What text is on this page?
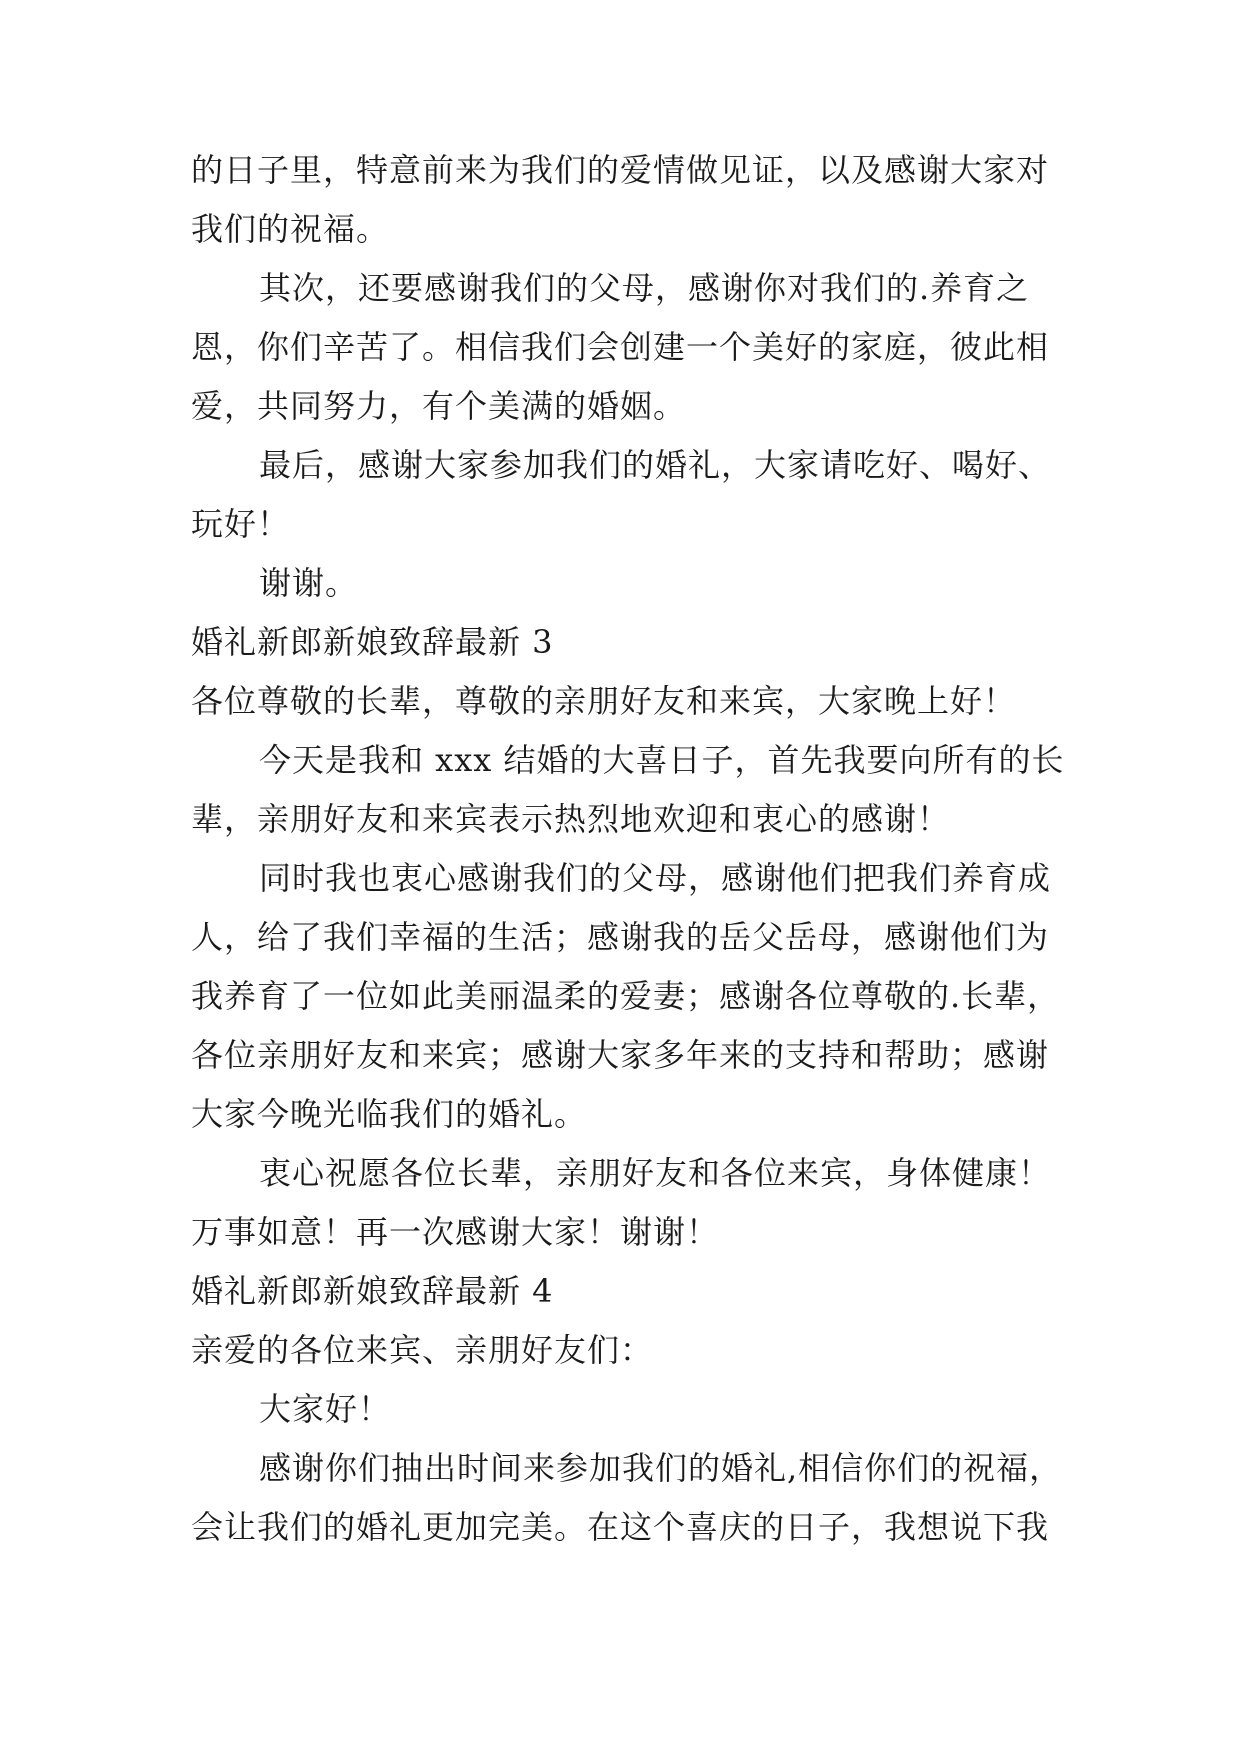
的日子里，特意前来为我们的爱情做见证，以及感谢大家对
我们的祝福。
其次，还要感谢我们的父母，感谢你对我们的.养育之
恩，你们辛苦了。相信我们会创建一个美好的家庭，彼此相
爱，共同努力，有个美满的婚姻。
最后，感谢大家参加我们的婚礼，大家请吃好、喝好、
玩好！
谢谢。
婚礼新郎新娘致辞最新 3
各位尊敬的长辈，尊敬的亲朋好友和来宾，大家晚上好！
今天是我和 xxx 结婚的大喜日子，首先我要向所有的长
辈，亲朋好友和来宾表示热烈地欢迎和衷心的感谢！
同时我也衷心感谢我们的父母，感谢他们把我们养育成
人，给了我们幸福的生活；感谢我的岳父岳母，感谢他们为
我养育了一位如此美丽温柔的爱妻；感谢各位尊敬的.长辈，
各位亲朋好友和来宾；感谢大家多年来的支持和帮助；感谢
大家今晚光临我们的婚礼。
衷心祝愿各位长辈，亲朋好友和各位来宾，身体健康！
万事如意！再一次感谢大家！谢谢！
婚礼新郎新娘致辞最新 4
亲爱的各位来宾、亲朋好友们：
大家好！
感谢你们抽出时间来参加我们的婚礼,相信你们的祝福，
会让我们的婚礼更加完美。在这个喜庆的日子，我想说下我
